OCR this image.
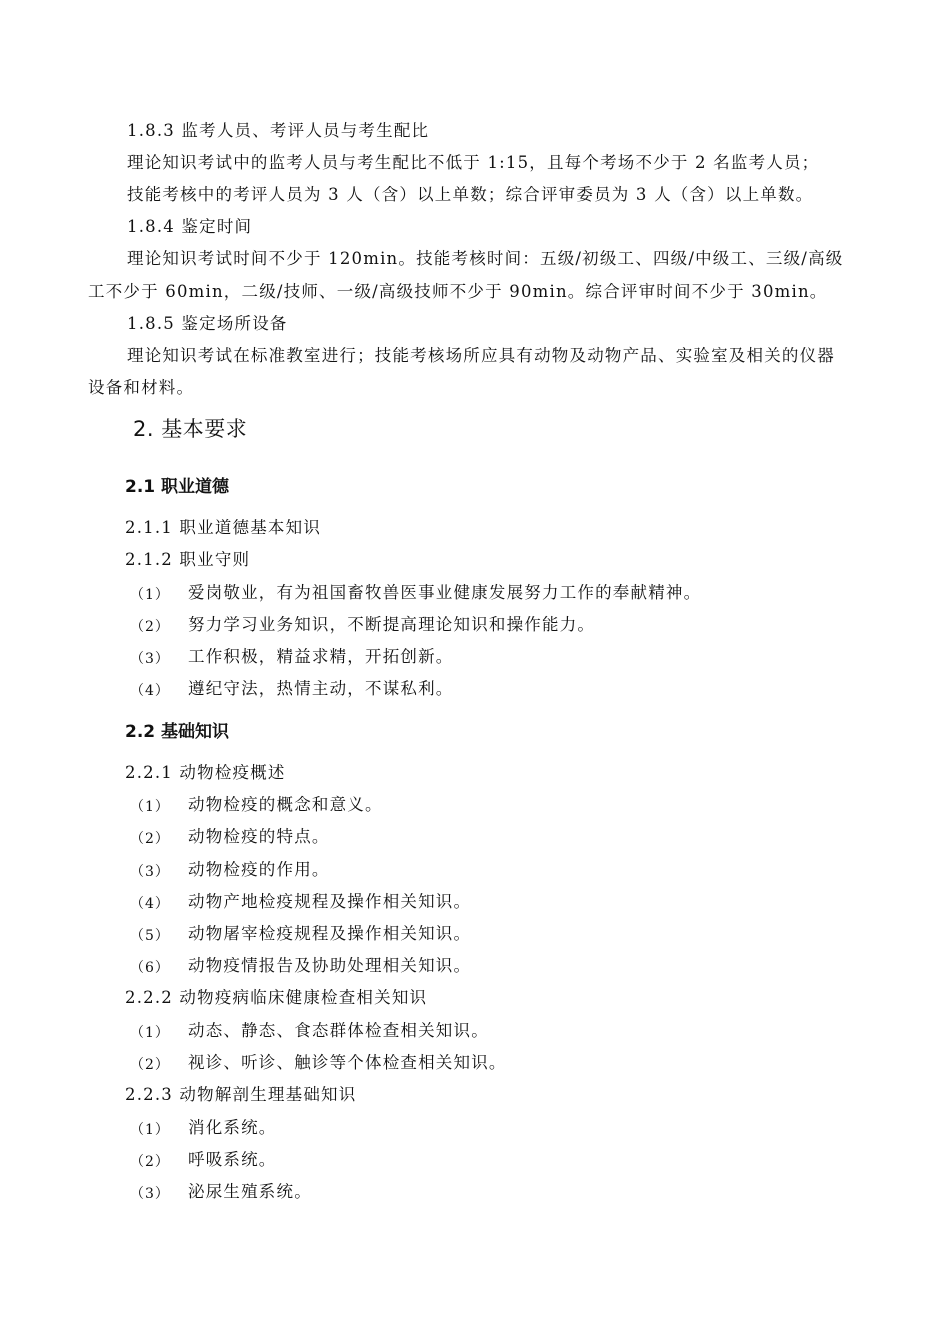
1.8.3 监考人员、考评人员与考生配比
理论知识考试中的监考人员与考生配比不低于 1:15，且每个考场不少于 2 名监考人员；
技能考核中的考评人员为 3 人（含）以上单数；综合评审委员为 3 人（含）以上单数。
1.8.4 鉴定时间
理论知识考试时间不少于 120min。技能考核时间：五级/初级工、四级/中级工、三级/高级
工不少于 60min，二级/技师、一级/高级技师不少于 90min。综合评审时间不少于 30min。
1.8.5 鉴定场所设备
理论知识考试在标准教室进行；技能考核场所应具有动物及动物产品、实验室及相关的仪器
设备和材料。
2. 基本要求
2.1 职业道德
2.1.1 职业道德基本知识
2.1.2 职业守则
（1） 爱岗敬业，有为祖国畜牧兽医事业健康发展努力工作的奉献精神。
（2） 努力学习业务知识，不断提高理论知识和操作能力。
（3） 工作积极，精益求精，开拓创新。
（4） 遵纪守法，热情主动，不谋私利。
2.2 基础知识
2.2.1 动物检疫概述
（1） 动物检疫的概念和意义。
（2） 动物检疫的特点。
（3） 动物检疫的作用。
（4） 动物产地检疫规程及操作相关知识。
（5） 动物屠宰检疫规程及操作相关知识。
（6） 动物疫情报告及协助处理相关知识。
2.2.2 动物疫病临床健康检查相关知识
（1） 动态、静态、食态群体检查相关知识。
（2） 视诊、听诊、触诊等个体检查相关知识。
2.2.3 动物解剖生理基础知识
（1） 消化系统。
（2） 呼吸系统。
（3） 泌尿生殖系统。
